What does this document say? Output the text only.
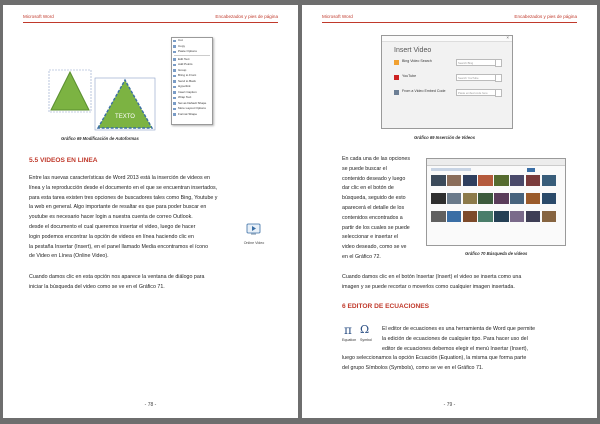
Microsoft Word	Encabezados y pies de página
TEXTO
Cut
Copy
Paste Options
Edit Text
Add Points
Group
Bring to Front
Send to Back
Hyperlink
Insert Caption
Wrap Text
Set as Default Shape
More Layout Options
Format Shape
Gráfico 69 Modificación de Autoformas
5.5 VIDEOS EN LINEA
Entre las nuevas características de Word 2013 está la inserción de videos en
línea y la reproducción desde el documento en el que se encuentran insertados,
para esta tarea existen tres opciones de buscadores tales como Bing, Youtube y
la web en general. Algo importante de resaltar es que para poder buscar en
youtube es necesario hacer login a nuestra cuenta de correo Outlook.
desde el documento el cual queremos insertar el video, luego de hacer
login podemos encontrar la opción de videos en línea haciendo clic en
la pestaña Insertar (Insert), en el panel llamado Media encontramos el ícono
de Video en Línea (Online Video).
Online Video
Cuando damos clic en esta opción nos aparece la ventana de diálogo para
iniciar la búsqueda del video como se ve en el Gráfico 71.
- 78 -
Microsoft Word	Encabezados y pies de página
×
Insert Video
Bing Video Search	Search Bing
YouTube	Search YouTube
From a Video Embed Code	Paste embed code here
Gráfico 69 Inserción de Videos
En cada una de las opciones
se puede buscar el
contenido deseado y luego
dar clic en el botón de
búsqueda, seguido de esto
aparecerá el detalle de los
contenidos encontrados a
partir de los cuales se puede
seleccionar e insertar el
video deseado, como se ve
en el Gráfico 72.
Gráfico 70 Búsqueda de videos
Cuando damos clic en el botón Insertar (Insert) el video se inserta como una
imagen y se puede recortar o moverlos como cualquier imagen insertada.
6 EDITOR DE ECUACIONES
π Ω
Equation Symbol
El editor de ecuaciones es una herramienta de Word que permite
la edición de ecuaciones de cualquier tipo. Para hacer uso del
editor de ecuaciones debemos elegir el menú Insertar (Insert),
luego seleccionamos la opción Ecuación (Equation), la misma que forma parte
del grupo Símbolos (Symbols), como se ve en el Gráfico 71.
- 79 -
